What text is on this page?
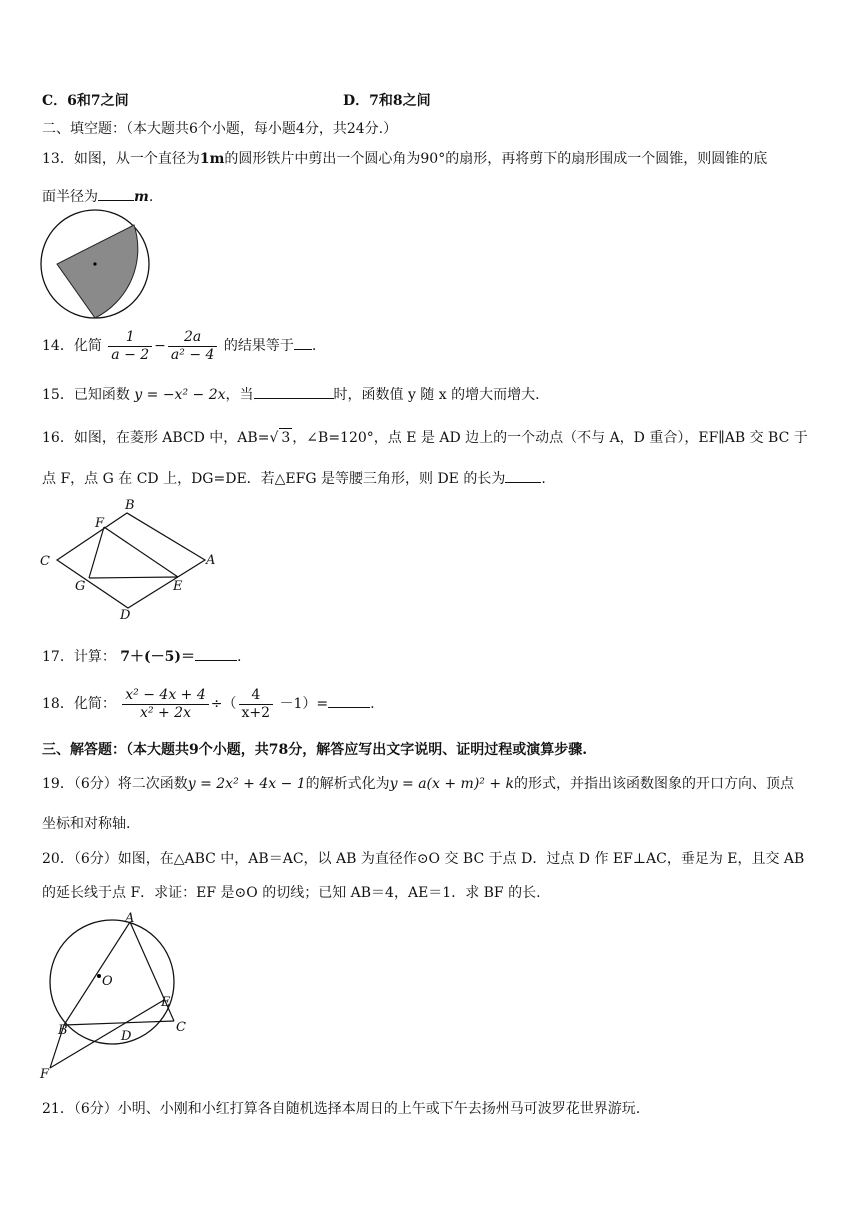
C．6和7之间	D．7和8之间
二、填空题：（本大题共6个小题，每小题4分，共24分.）
13．如图，从一个直径为1m的圆形铁片中剪出一个圆心角为90°的扇形，再将剪下的扇形围成一个圆锥，则圆锥的底
面半径为	m.
14．化简 $\frac{1}{a - 2} - \frac{2a}{\text{a² − 4}}$ 的结果等于 .
15．已知函数 y = −x² − 2x，当	时，函数值 y 随 x 的增大而增大.
16．如图，在菱形 ABCD 中，AB=√ 3 ，∠B=120°，点 E 是 AD 边上的一个动点（不与 A，D 重合），EF∥AB 交 BC 于
点 F，点 G 在 CD 上，DG=DE．若△EFG 是等腰三角形，则 DE 的长为	.
C
B
A
D
F
G	E
17．计算： 7＋(－5)＝	.
18．化简： $\frac{\text{x² − 4x + 4}}{\text{x² + 2x}}$ ÷（ $\frac{4}{x+2} -1)=$	.
三、解答题：（本大题共9个小题，共78分，解答应写出文字说明、证明过程或演算步骤.
19．（6分）将二次函数y = 2x² + 4x − 1的解析式化为y = a(x + m)² + k的形式，并指出该函数图象的开口方向、顶点
坐标和对称轴.
20．（6分）如图，在△ABC 中，AB＝AC，以 AB 为直径作⊙O 交 BC 于点 D．过点 D 作 EF⊥AC，垂足为 E，且交 AB
的延长线于点 F．求证：EF 是⊙O 的切线；已知 AB＝4，AE＝1．求 BF 的长.
A
O
E
C
B	D
F
21．（6分）小明、小刚和小红打算各自随机选择本周日的上午或下午去扬州马可波罗花世界游玩.
